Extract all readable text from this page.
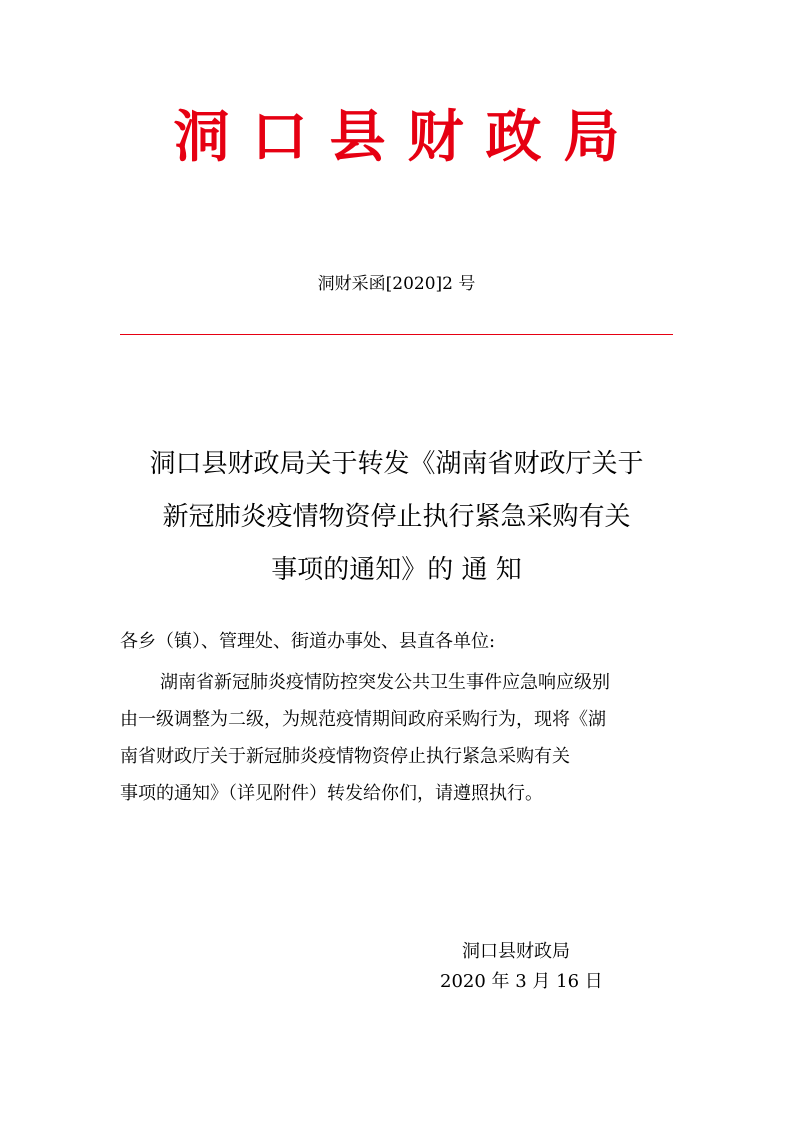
洞口县财政局
洞财采函[2020]2 号
洞口县财政局关于转发《湖南省财政厅关于
新冠肺炎疫情物资停止执行紧急采购有关
事项的通知》的 通 知
各乡（镇）、管理处、街道办事处、县直各单位:
湖南省新冠肺炎疫情防控突发公共卫生事件应急响应级别
由一级调整为二级，为规范疫情期间政府采购行为，现将《湖
南省财政厅关于新冠肺炎疫情物资停止执行紧急采购有关
事项的通知》（详见附件）转发给你们，请遵照执行。
洞口县财政局
2020 年 3 月 16 日
